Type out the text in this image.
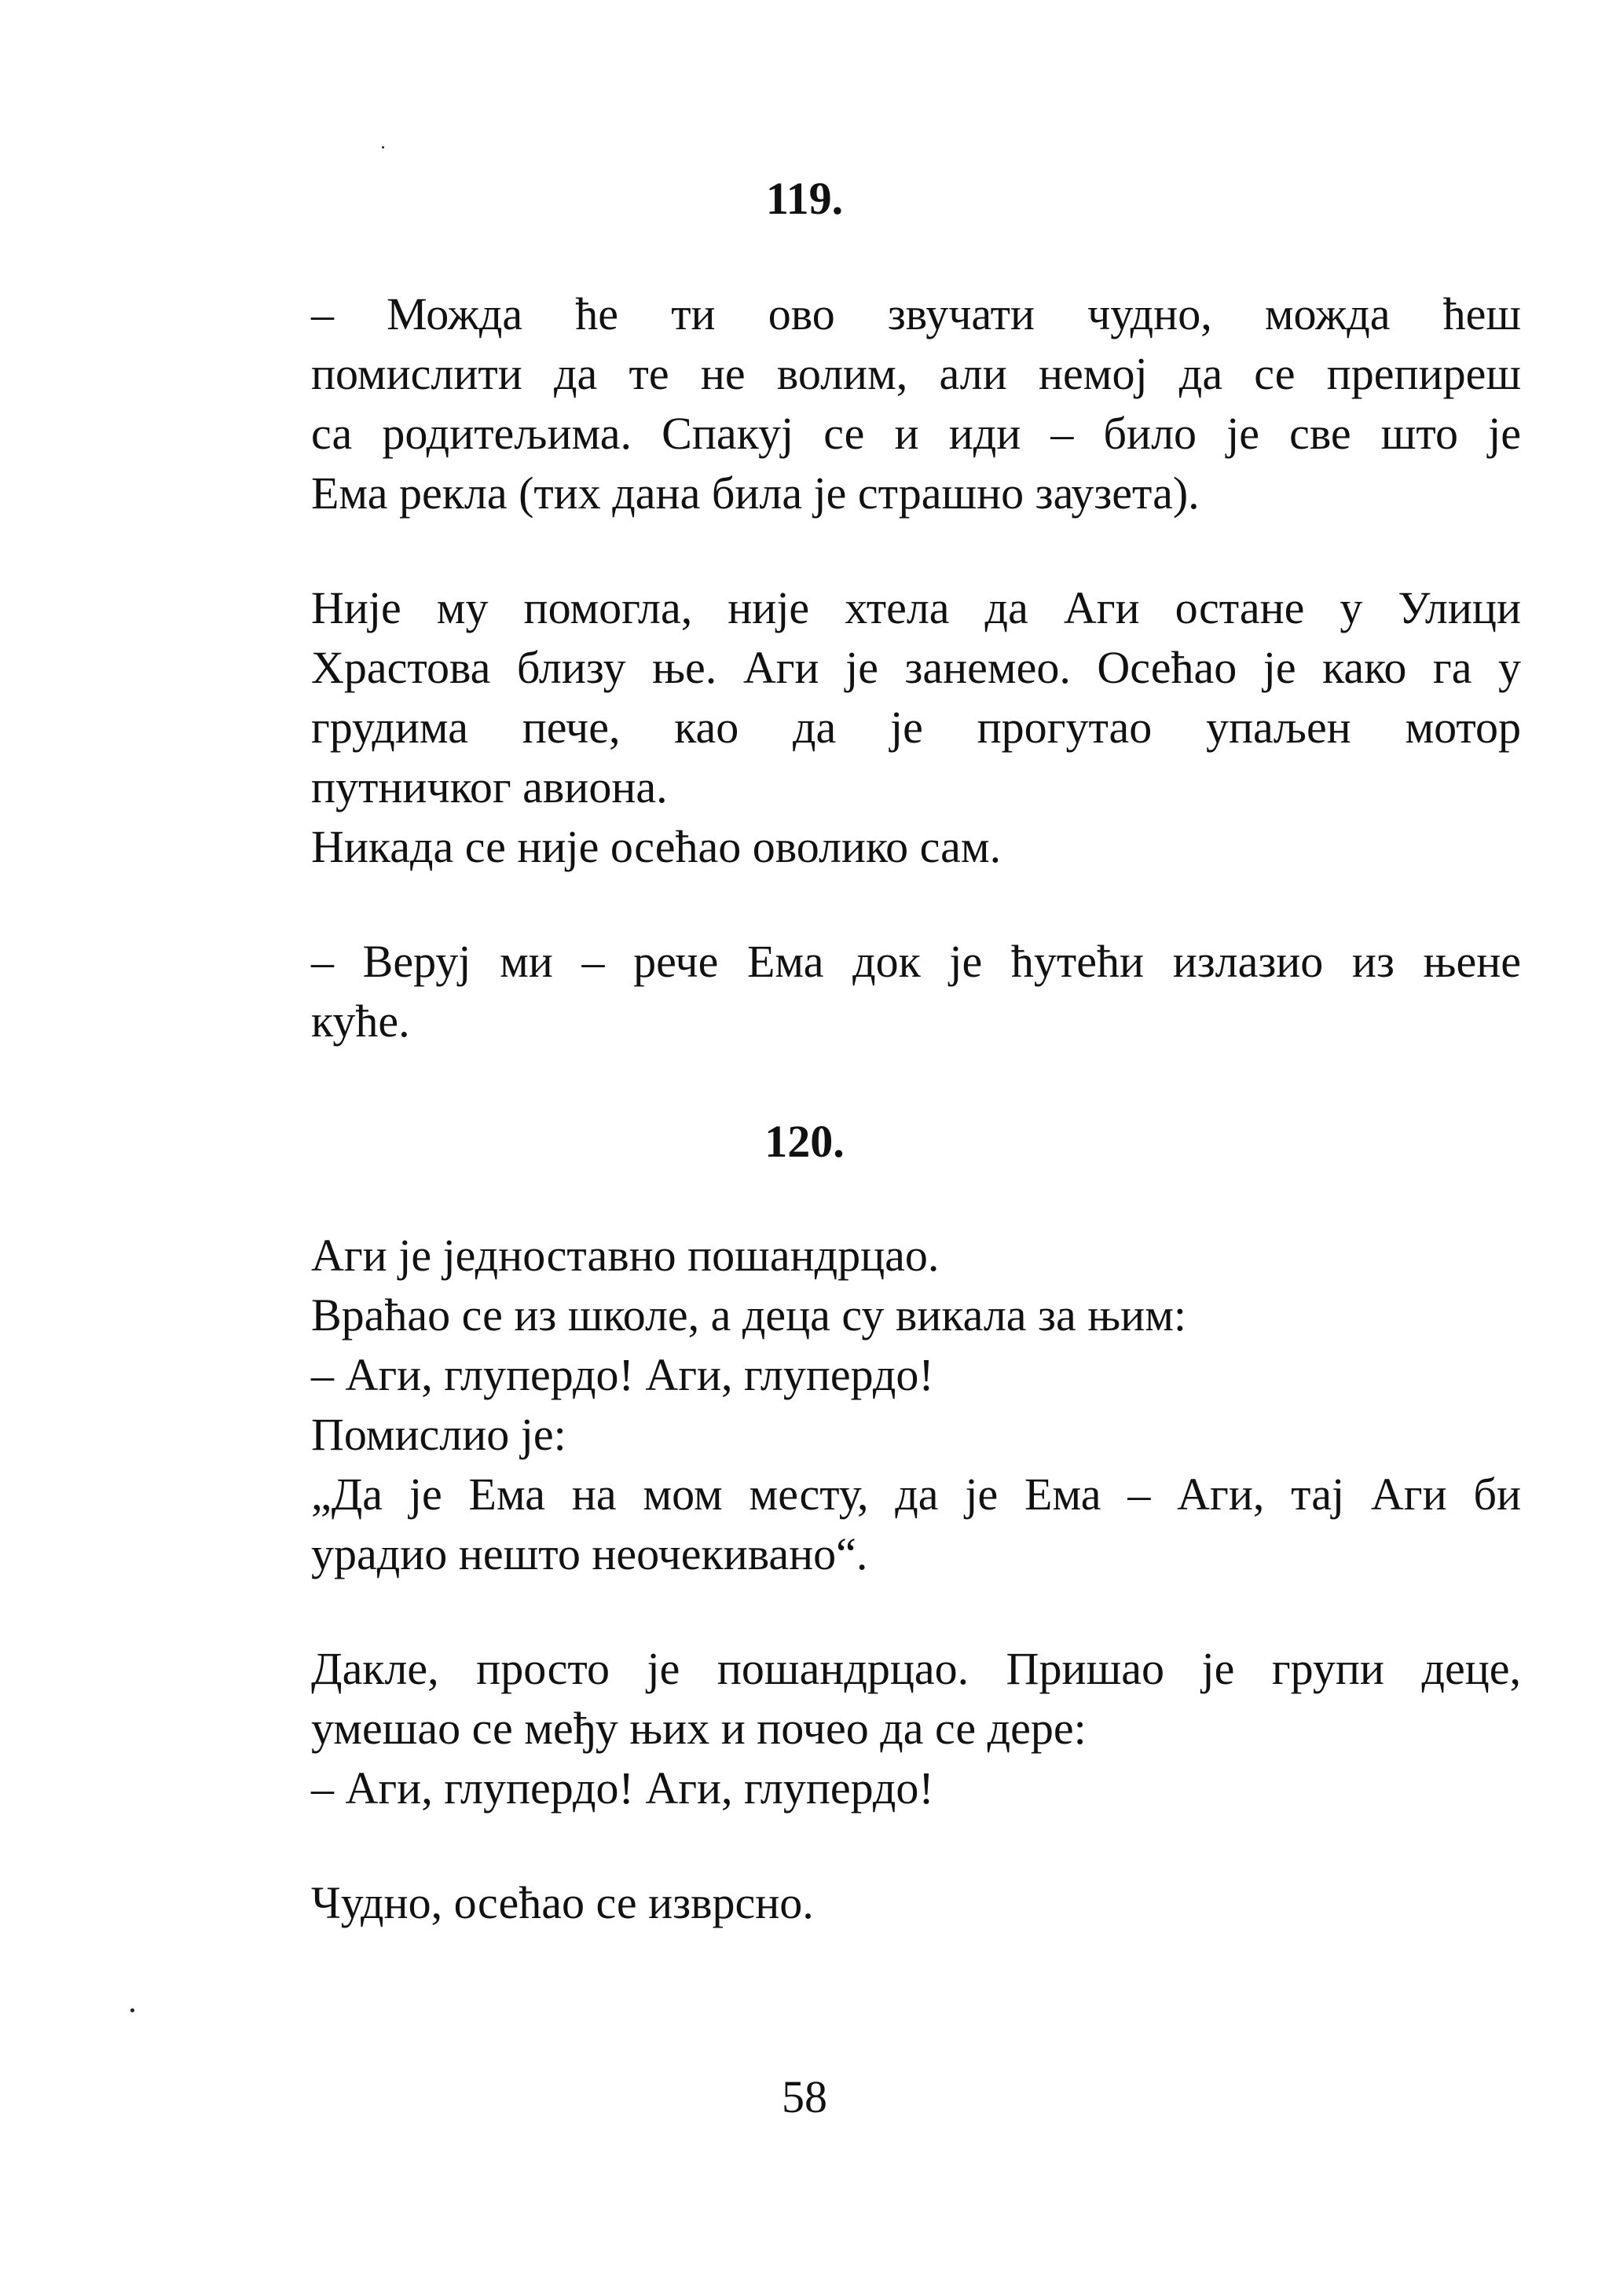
119.
– Можда ће ти ово звучати чудно, можда ћеш
помислити да те не волим, али немој да се препиреш
са родитељима. Спакуј се и иди – било је све што је
Ема рекла (тих дана била је страшно заузета).
Није му помогла, није хтела да Аги остане у Улици
Храстова близу ње. Аги је занемео. Осећао је како га у
грудима пече, као да је прогутао упаљен мотор
путничког авиона.
Никада се није осећао оволико сам.
– Веруј ми – рече Ема док је ћутећи излазио из њене
куће.
120.
Аги је једноставно пошандрцао.
Враћао се из школе, а деца су викала за њим:
– Аги, глупердо! Аги, глупердо!
Помислио је:
„Да је Ема на мом месту, да је Ема – Аги, тај Аги би
урадио нешто неочекивано“.
Дакле, просто је пошандрцао. Пришао је групи деце,
умешао се међу њих и почео да се дере:
– Аги, глупердо! Аги, глупердо!
Чудно, осећао се изврсно.
58
